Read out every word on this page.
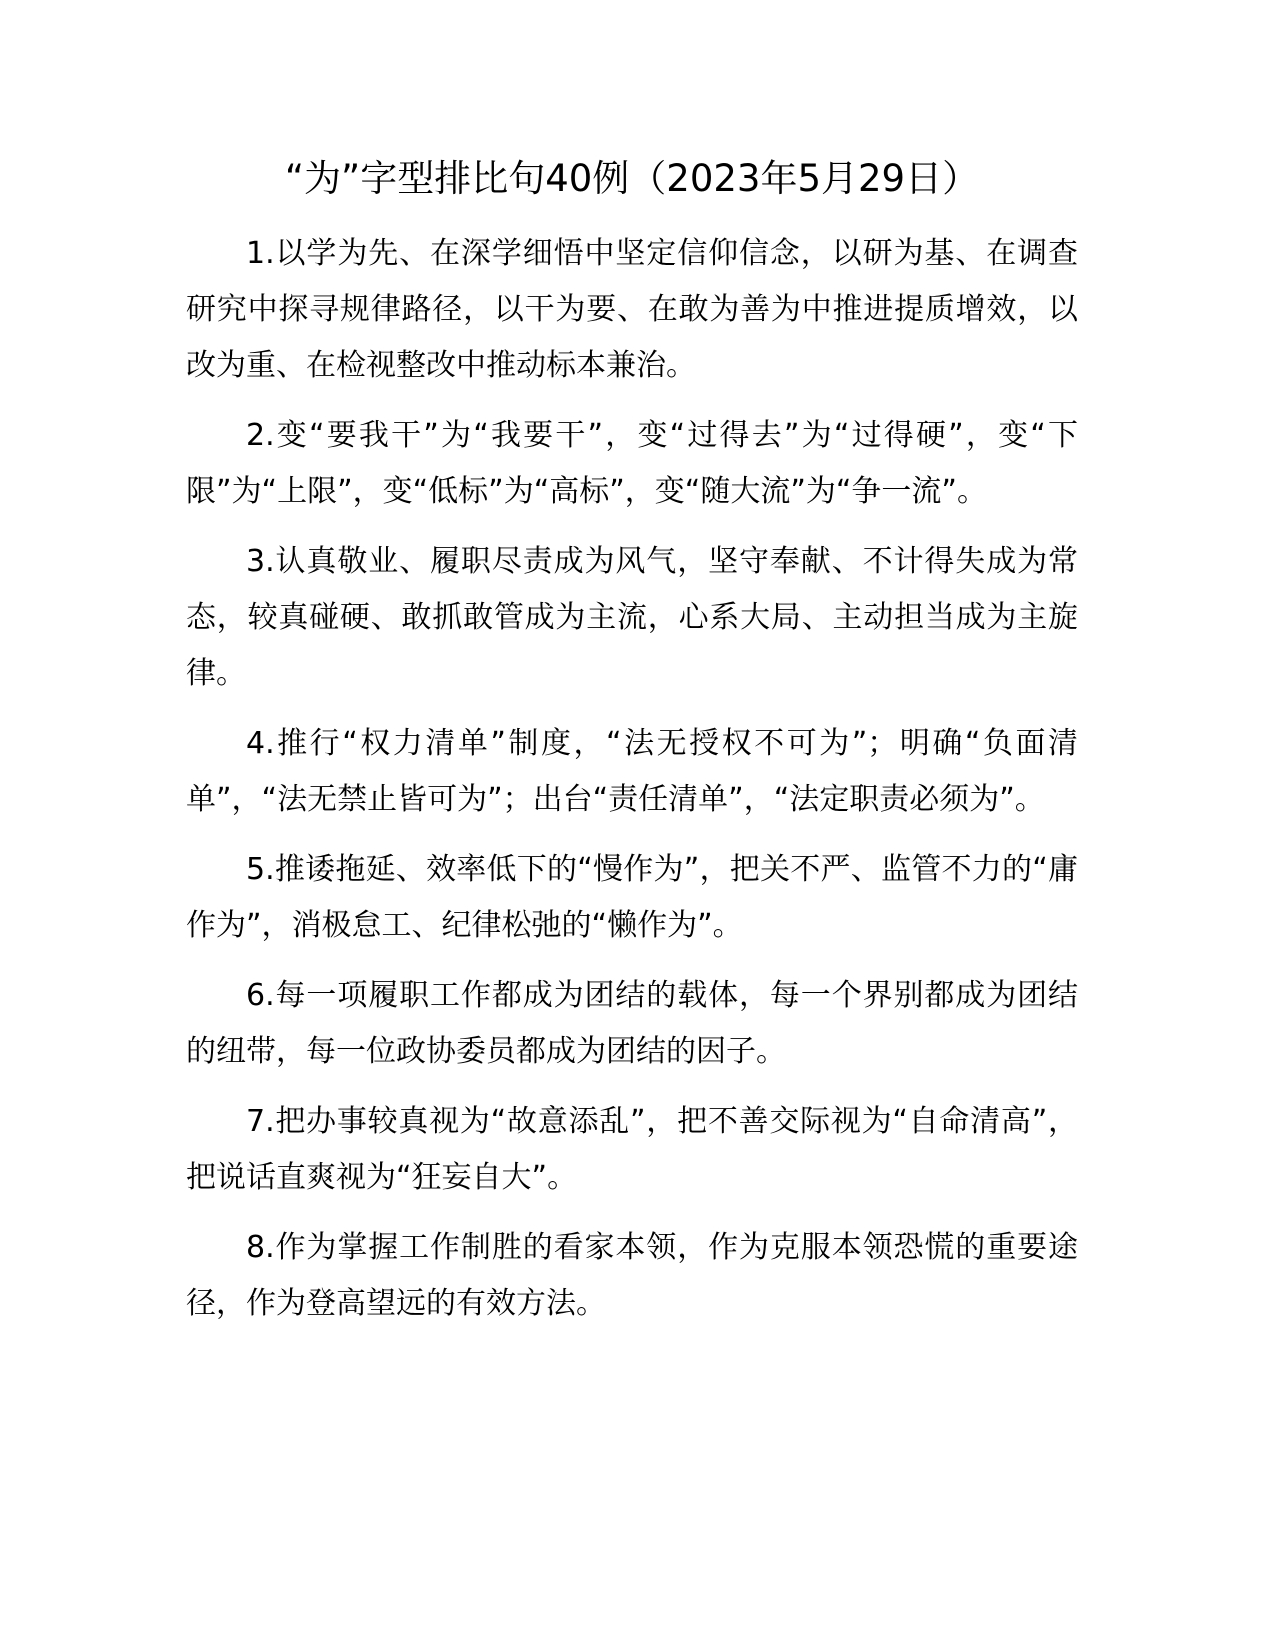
“为”字型排比句40例（2023年5月29日）

1.以学为先、在深学细悟中坚定信仰信念，以研为基、在调查研究中探寻规律路径，以干为要、在敢为善为中推进提质增效，以改为重、在检视整改中推动标本兼治。

2.变“要我干”为“我要干”，变“过得去”为“过得硬”，变“下限”为“上限”，变“低标”为“高标”，变“随大流”为“争一流”。

3.认真敬业、履职尽责成为风气，坚守奉献、不计得失成为常态，较真碰硬、敢抓敢管成为主流，心系大局、主动担当成为主旋律。

4.推行“权力清单”制度，“法无授权不可为”；明确“负面清单”，“法无禁止皆可为”；出台“责任清单”，“法定职责必须为”。

5.推诿拖延、效率低下的“慢作为”，把关不严、监管不力的“庸作为”，消极怠工、纪律松弛的“懒作为”。

6.每一项履职工作都成为团结的载体，每一个界别都成为团结的纽带，每一位政协委员都成为团结的因子。

7.把办事较真视为“故意添乱”，把不善交际视为“自命清高”，把说话直爽视为“狂妄自大”。

8.作为掌握工作制胜的看家本领，作为克服本领恐慌的重要途径，作为登高望远的有效方法。
